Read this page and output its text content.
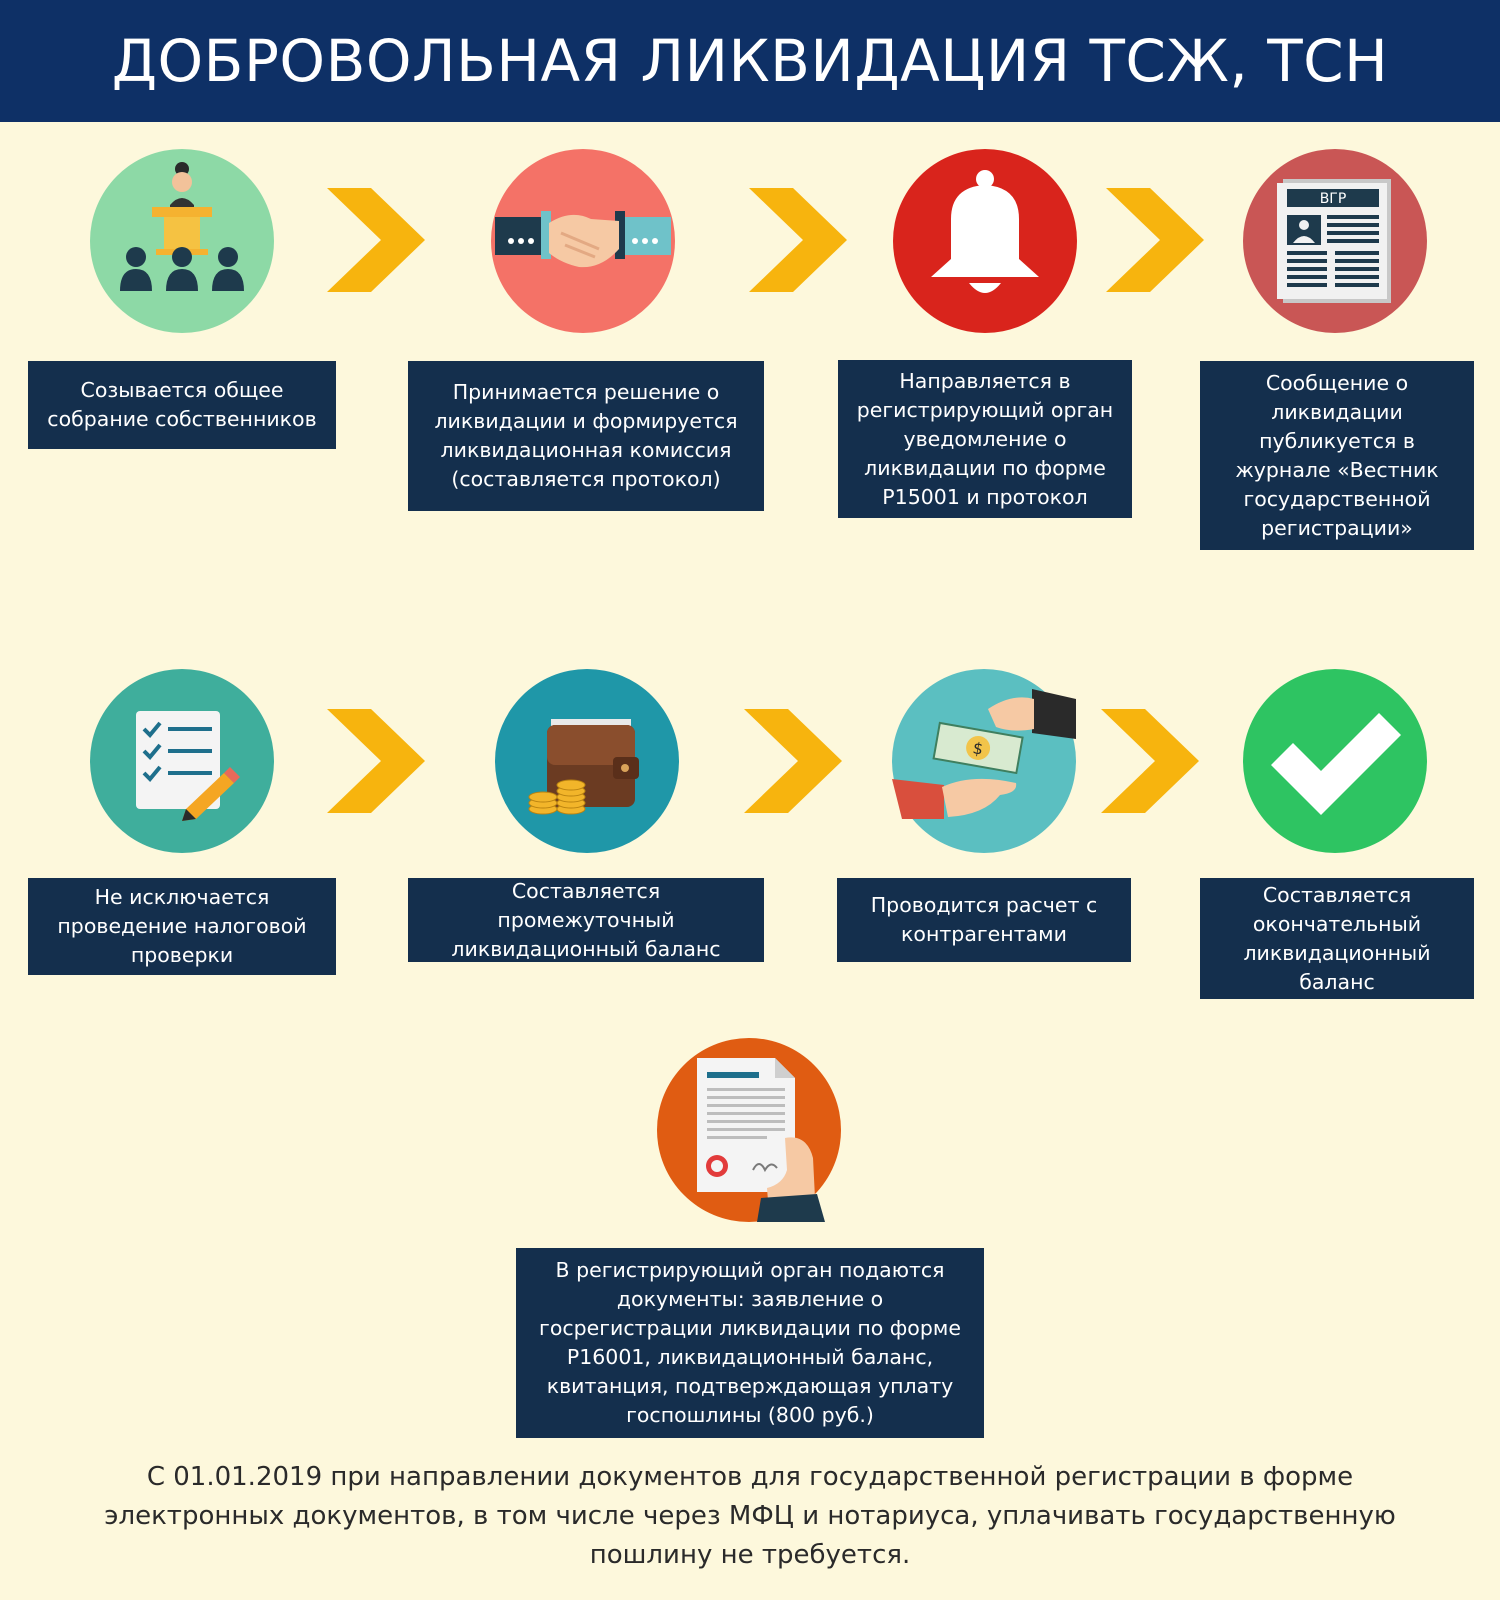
ДОБРОВОЛЬНАЯ ЛИКВИДАЦИЯ ТСЖ, ТСН
ВГР
Созывается общее собрание собственников
Принимается решение о ликвидации и формируется ликвидационная комиссия (составляется протокол)
Направляется в регистрирующий орган уведомление о ликвидации по форме Р15001 и протокол
Сообщение о ликвидации публикуется в журнале «Вестник государственной регистрации»
$
Не исключается проведение налоговой проверки
Составляется промежуточный ликвидационный баланс
Проводится расчет с контрагентами
Составляется окончательный ликвидационный баланс
В регистрирующий орган подаются документы: заявление о госрегистрации ликвидации по форме Р16001, ликвидационный баланс, квитанция, подтверждающая уплату госпошлины (800 руб.)
С 01.01.2019 при направлении документов для государственной регистрации в форме электронных документов, в том числе через МФЦ и нотариуса, уплачивать государственную пошлину не требуется.
